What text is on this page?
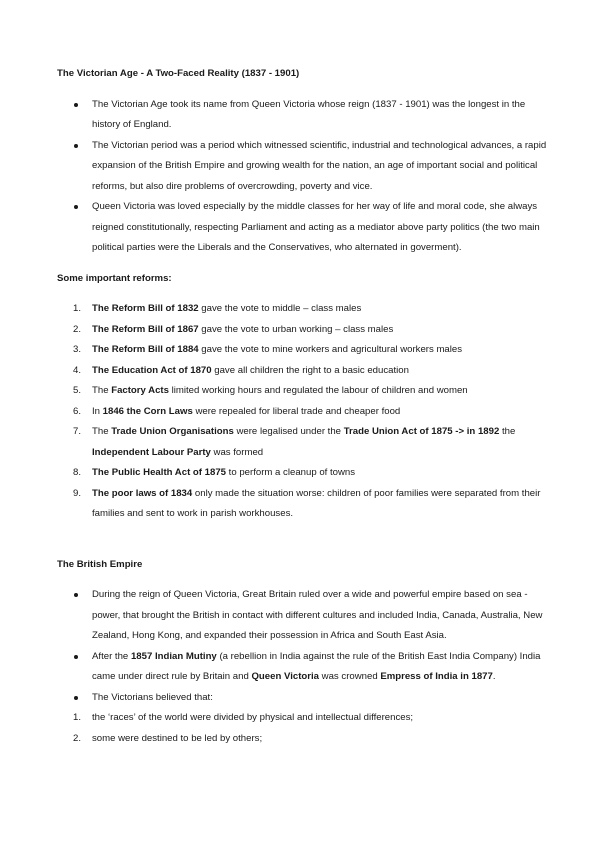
The Victorian Age - A Two-Faced Reality (1837 - 1901)
The Victorian Age took its name from Queen Victoria whose reign (1837 - 1901) was the longest in the history of England.
The Victorian period was a period which witnessed scientific, industrial and technological advances, a rapid expansion of the British Empire and growing wealth for the nation, an age of important social and political reforms, but also dire problems of overcrowding, poverty and vice.
Queen Victoria was loved especially by the middle classes for her way of life and moral code, she always reigned constitutionally, respecting Parliament and acting as a mediator above party politics (the two main political parties were the Liberals and the Conservatives, who alternated in goverment).
Some important reforms:
1. The Reform Bill of 1832 gave the vote to middle – class males
2. The Reform Bill of 1867 gave the vote to urban working – class males
3. The Reform Bill of 1884 gave the vote to mine workers and agricultural workers males
4. The Education Act of 1870 gave all children the right to a basic education
5. The Factory Acts limited working hours and regulated the labour of children and women
6. In 1846 the Corn Laws were repealed for liberal trade and cheaper food
7. The Trade Union Organisations were legalised under the Trade Union Act of 1875 -> in 1892 the Independent Labour Party was formed
8. The Public Health Act of 1875 to perform a cleanup of towns
9. The poor laws of 1834 only made the situation worse: children of poor families were separated from their families and sent to work in parish workhouses.
The British Empire
During the reign of Queen Victoria, Great Britain ruled over a wide and powerful empire based on sea - power, that brought the British in contact with different cultures and included India, Canada, Australia, New Zealand, Hong Kong, and expanded their possession in Africa and South East Asia.
After the 1857 Indian Mutiny (a rebellion in India against the rule of the British East India Company) India came under direct rule by Britain and Queen Victoria was crowned Empress of India in 1877.
The Victorians believed that:
1. the ‘races’ of the world were divided by physical and intellectual differences;
2. some were destined to be led by others;
